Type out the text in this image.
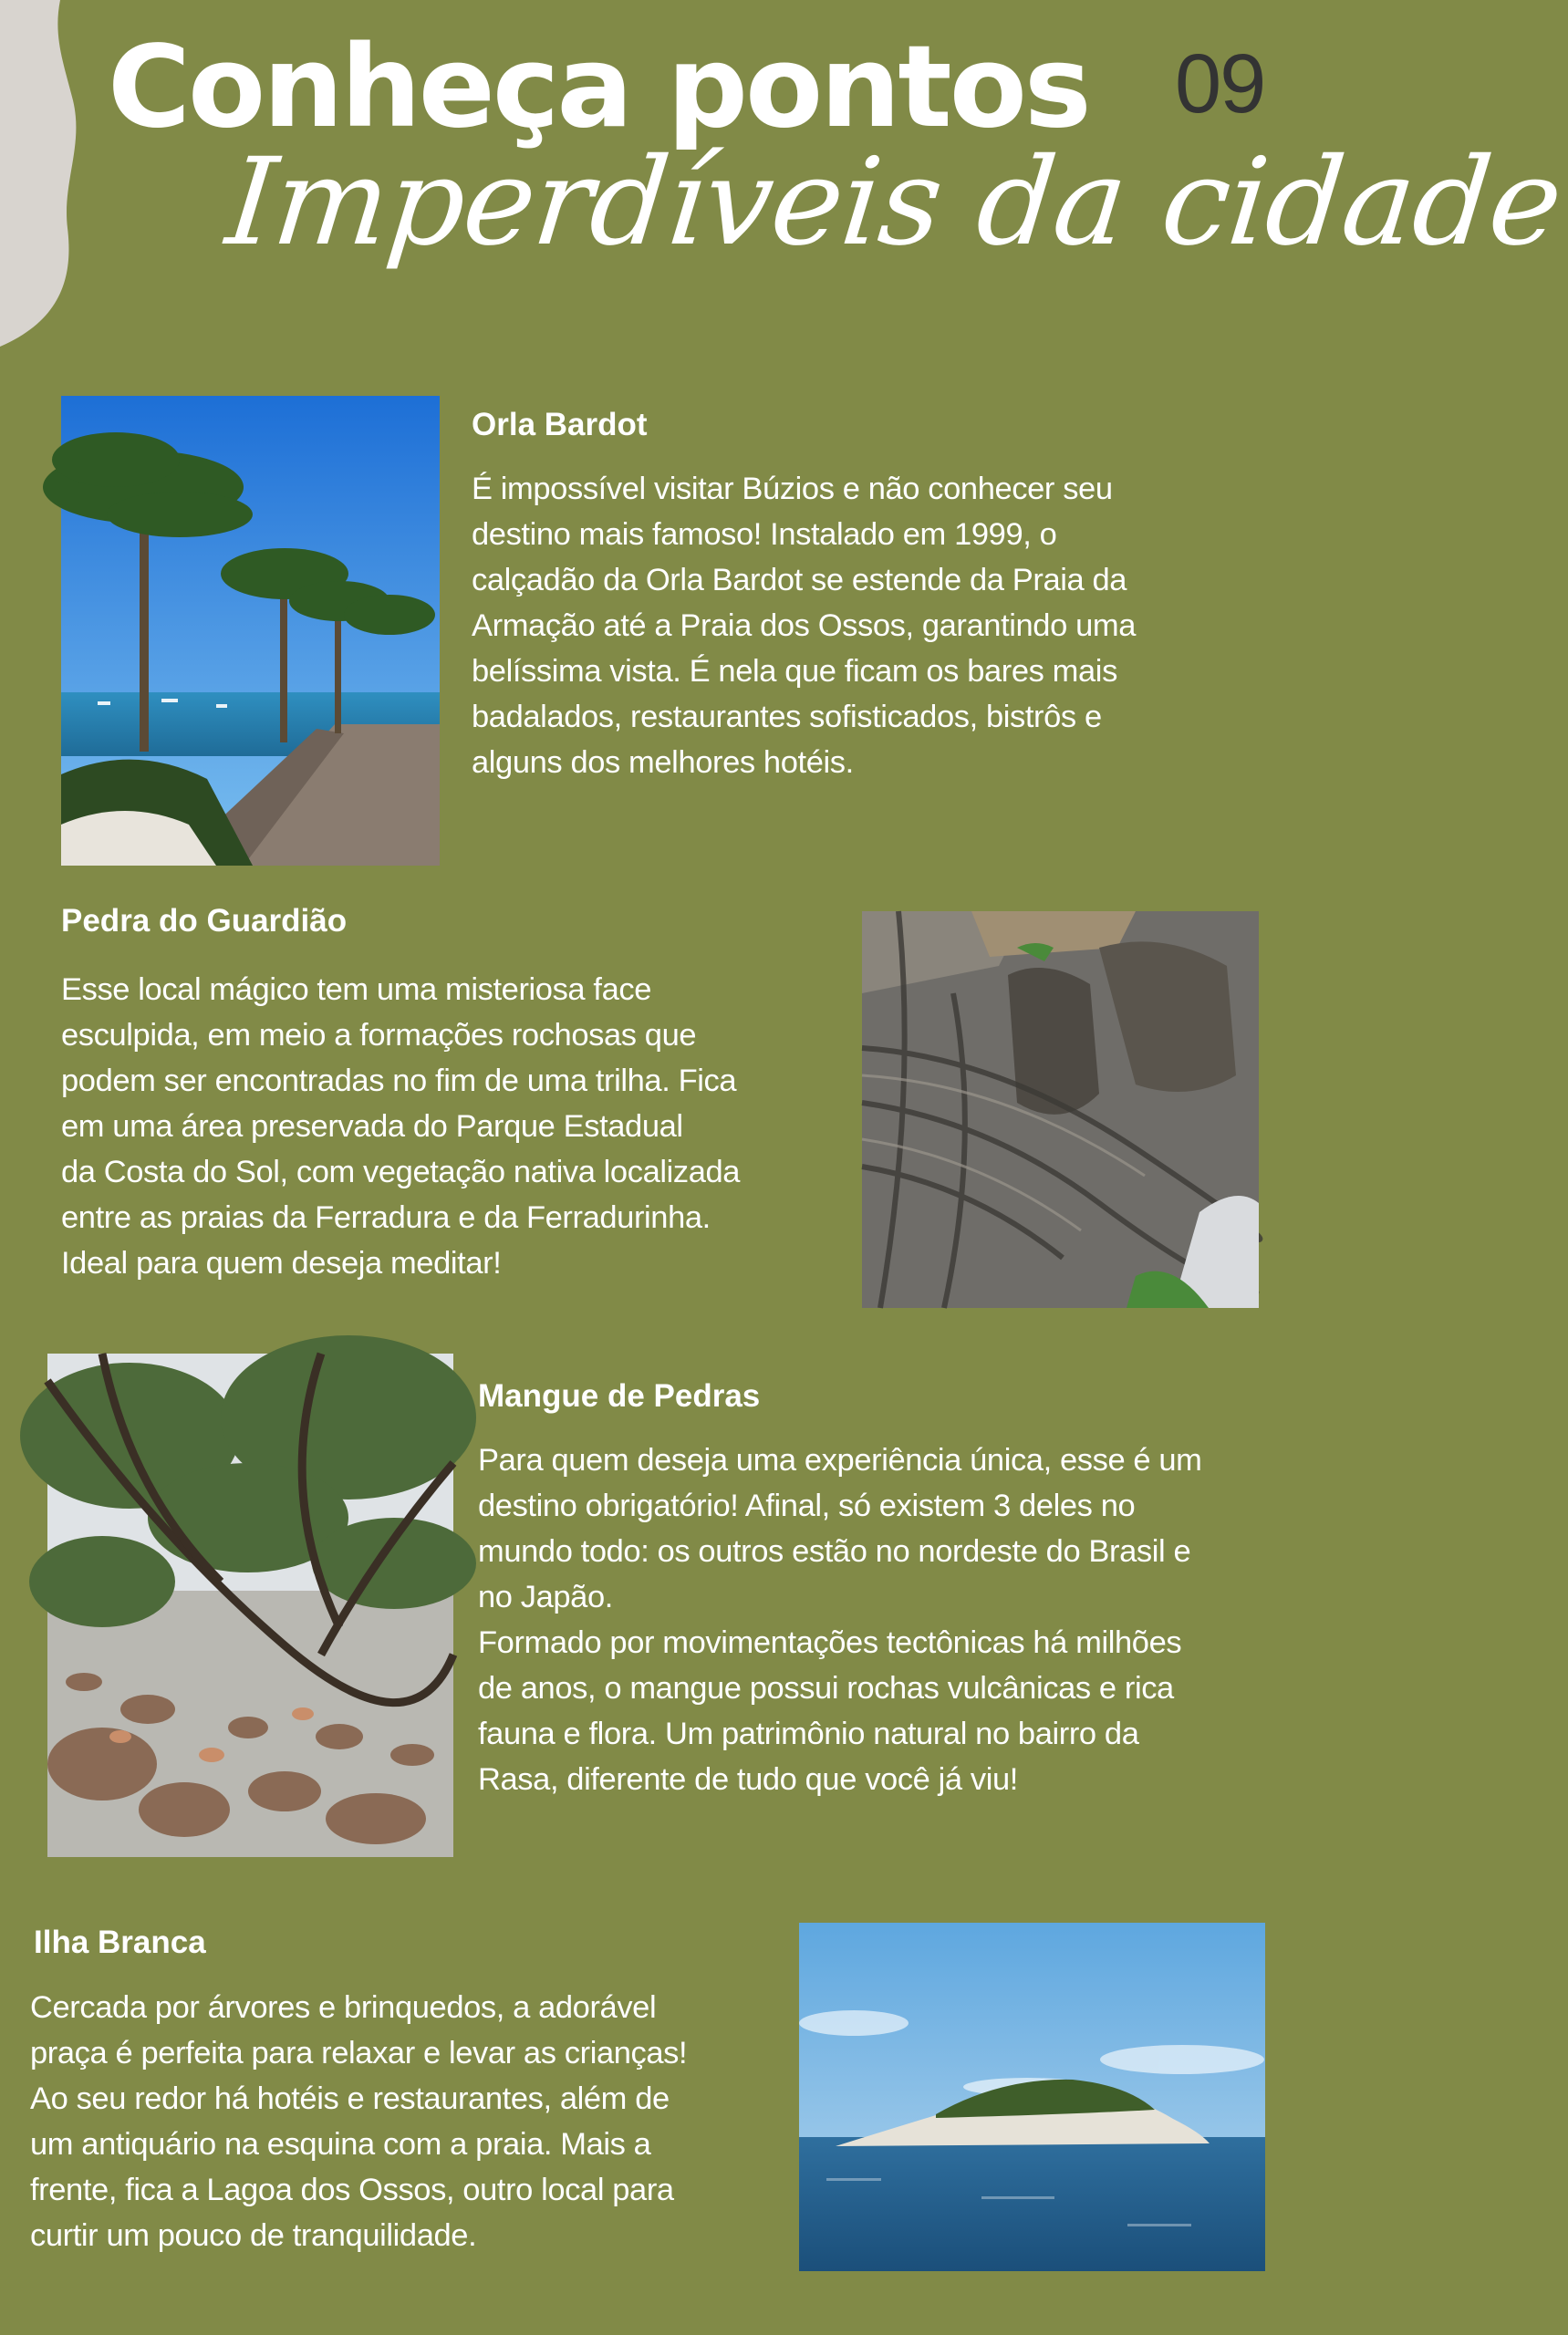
09
Conheça pontos
Imperdíveis da cidade
Orla Bardot
É impossível visitar Búzios e não conhecer seu
destino mais famoso! Instalado em 1999, o
calçadão da Orla Bardot se estende da Praia da
Armação até a Praia dos Ossos, garantindo uma
belíssima vista. É nela que ficam os bares mais
badalados, restaurantes sofisticados, bistrôs e
alguns dos melhores hotéis.
Pedra do Guardião
Esse local mágico tem uma misteriosa face
esculpida, em meio a formações rochosas que
podem ser encontradas no fim de uma trilha. Fica
em uma área preservada do Parque Estadual
da Costa do Sol, com vegetação nativa localizada
entre as praias da Ferradura e da Ferradurinha.
Ideal para quem deseja meditar!
Mangue de Pedras
Para quem deseja uma experiência única, esse é um
destino obrigatório! Afinal, só existem 3 deles no
mundo todo: os outros estão no nordeste do Brasil e
no Japão.
Formado por movimentações tectônicas há milhões
de anos, o mangue possui rochas vulcânicas e rica
fauna e flora. Um patrimônio natural no bairro da
Rasa, diferente de tudo que você já viu!
Ilha Branca
Cercada por árvores e brinquedos, a adorável
praça é perfeita para relaxar e levar as crianças!
Ao seu redor há hotéis e restaurantes, além de
um antiquário na esquina com a praia. Mais a
frente, fica a Lagoa dos Ossos, outro local para
curtir um pouco de tranquilidade.
